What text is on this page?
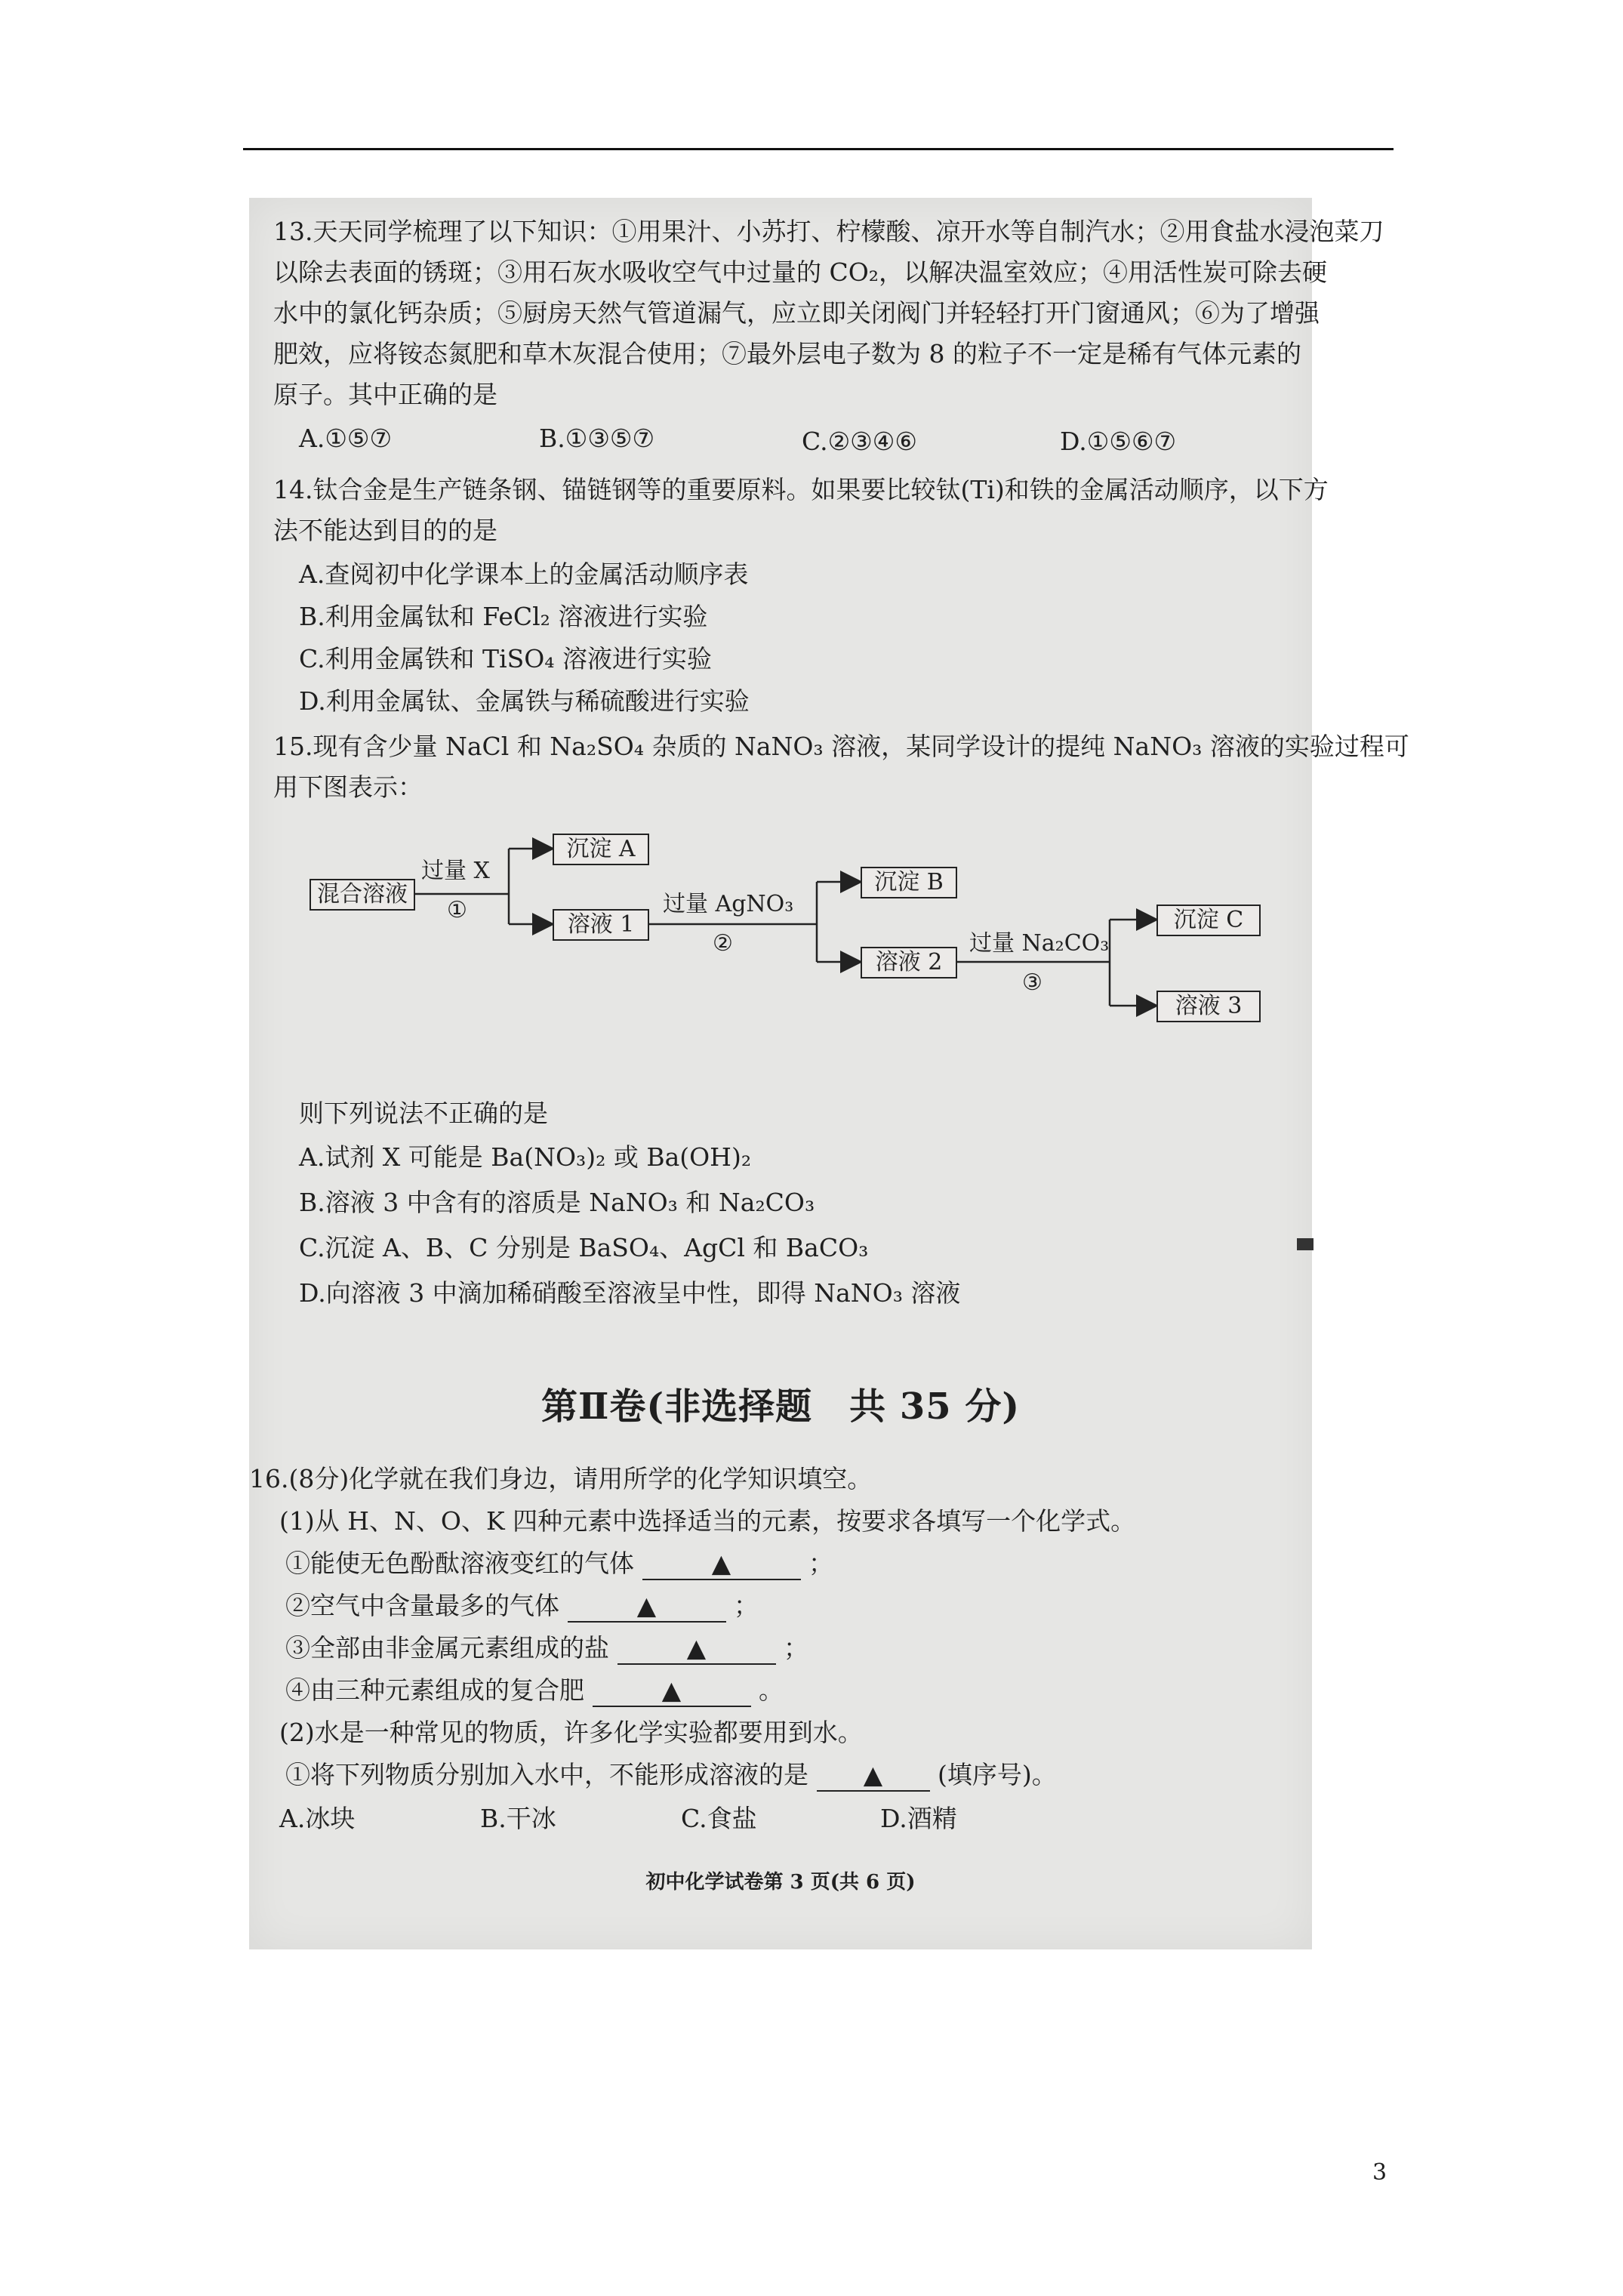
13.天天同学梳理了以下知识：①用果汁、小苏打、柠檬酸、凉开水等自制汽水；②用食盐水浸泡菜刀
以除去表面的锈斑；③用石灰水吸收空气中过量的 CO₂，以解决温室效应；④用活性炭可除去硬
水中的氯化钙杂质；⑤厨房天然气管道漏气，应立即关闭阀门并轻轻打开门窗通风；⑥为了增强
肥效，应将铵态氮肥和草木灰混合使用；⑦最外层电子数为 8 的粒子不一定是稀有气体元素的
原子。其中正确的是
A.①⑤⑦	B.①③⑤⑦	C.②③④⑥	D.①⑤⑥⑦
14.钛合金是生产链条钢、锚链钢等的重要原料。如果要比较钛(Ti)和铁的金属活动顺序，以下方
法不能达到目的的是
A.查阅初中化学课本上的金属活动顺序表
B.利用金属钛和 FeCl₂ 溶液进行实验
C.利用金属铁和 TiSO₄ 溶液进行实验
D.利用金属钛、金属铁与稀硫酸进行实验
15.现有含少量 NaCl 和 Na₂SO₄ 杂质的 NaNO₃ 溶液，某同学设计的提纯 NaNO₃ 溶液的实验过程可
用下图表示：
混合溶液
过量 X
①
沉淀 A
溶液 1
过量 AgNO₃
②
沉淀 B
溶液 2
过量 Na₂CO₃
③
沉淀 C
溶液 3
则下列说法不正确的是
A.试剂 X 可能是 Ba(NO₃)₂ 或 Ba(OH)₂
B.溶液 3 中含有的溶质是 NaNO₃ 和 Na₂CO₃
C.沉淀 A、B、C 分别是 BaSO₄、AgCl 和 BaCO₃
D.向溶液 3 中滴加稀硝酸至溶液呈中性，即得 NaNO₃ 溶液
第Ⅱ卷(非选择题　共 35 分)
16.(8分)化学就在我们身边，请用所学的化学知识填空。
(1)从 H、N、O、K 四种元素中选择适当的元素，按要求各填写一个化学式。
①能使无色酚酞溶液变红的气体	▲	；
②空气中含量最多的气体	▲	；
③全部由非金属元素组成的盐	▲	；
④由三种元素组成的复合肥	▲	。
(2)水是一种常见的物质，许多化学实验都要用到水。
①将下列物质分别加入水中，不能形成溶液的是 ▲ (填序号)。
A.冰块	B.干冰	C.食盐	D.酒精
初中化学试卷第 3 页(共 6 页)
3
